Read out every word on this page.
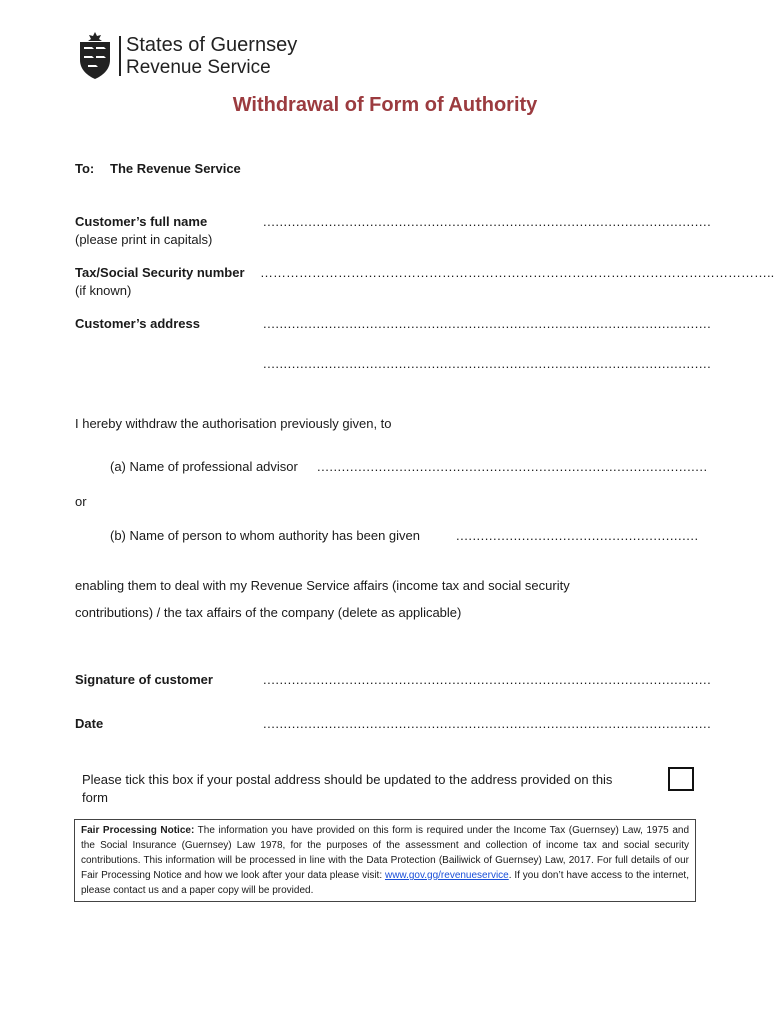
States of Guernsey
Revenue Service
Withdrawal of Form of Authority
To: The Revenue Service
Customer’s full name
(please print in capitals)
.............................................................................................................
Tax/Social Security number
(if known)
………………………………………………………………………………………………………..
Customer’s address	.............................................................................................................
.............................................................................................................
I hereby withdraw the authorisation previously given, to
(a) Name of professional advisor ...............................................................................................
or
(b) Name of person to whom authority has been given	...........................................................
enabling them to deal with my Revenue Service affairs (income tax and social security
contributions) / the tax affairs of the company (delete as applicable)
Signature of customer	.............................................................................................................
Date	.............................................................................................................
Please tick this box if your postal address should be updated to the address provided on this
form
Fair Processing Notice: The information you have provided on this form is required under the Income Tax (Guernsey) Law, 1975 and the Social Insurance (Guernsey) Law 1978, for the purposes of the assessment and collection of income tax and social security contributions. This information will be processed in line with the Data Protection (Bailiwick of Guernsey) Law, 2017. For full details of our Fair Processing Notice and how we look after your data please visit: www.gov.gg/revenueservice. If you don’t have access to the internet, please contact us and a paper copy will be provided.
